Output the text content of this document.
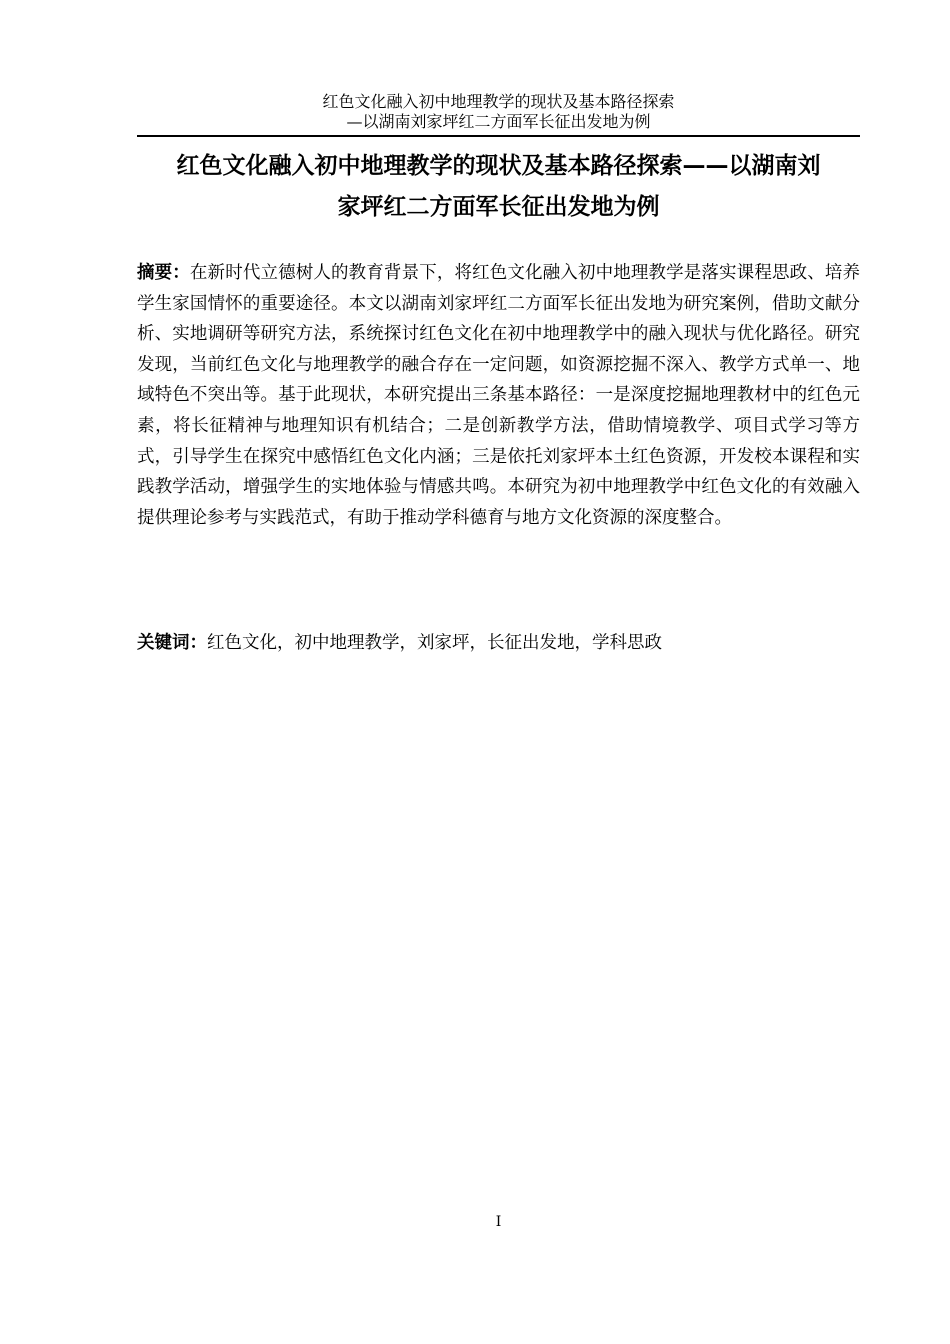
红色文化融入初中地理教学的现状及基本路径探索
—以湖南刘家坪红二方面军长征出发地为例
红色文化融入初中地理教学的现状及基本路径探索——以湖南刘
家坪红二方面军长征出发地为例

摘要：在新时代立德树人的教育背景下，将红色文化融入初中地理教学是落实课程思政、培养学生家国情怀的重要途径。本文以湖南刘家坪红二方面军长征出发地为研究案例，借助文献分析、实地调研等研究方法，系统探讨红色文化在初中地理教学中的融入现状与优化路径。研究发现，当前红色文化与地理教学的融合存在一定问题，如资源挖掘不深入、教学方式单一、地域特色不突出等。基于此现状，本研究提出三条基本路径：一是深度挖掘地理教材中的红色元素，将长征精神与地理知识有机结合；二是创新教学方法，借助情境教学、项目式学习等方式，引导学生在探究中感悟红色文化内涵；三是依托刘家坪本土红色资源，开发校本课程和实践教学活动，增强学生的实地体验与情感共鸣。本研究为初中地理教学中红色文化的有效融入提供理论参考与实践范式，有助于推动学科德育与地方文化资源的深度整合。

关键词：红色文化，初中地理教学，刘家坪，长征出发地，学科思政

I
